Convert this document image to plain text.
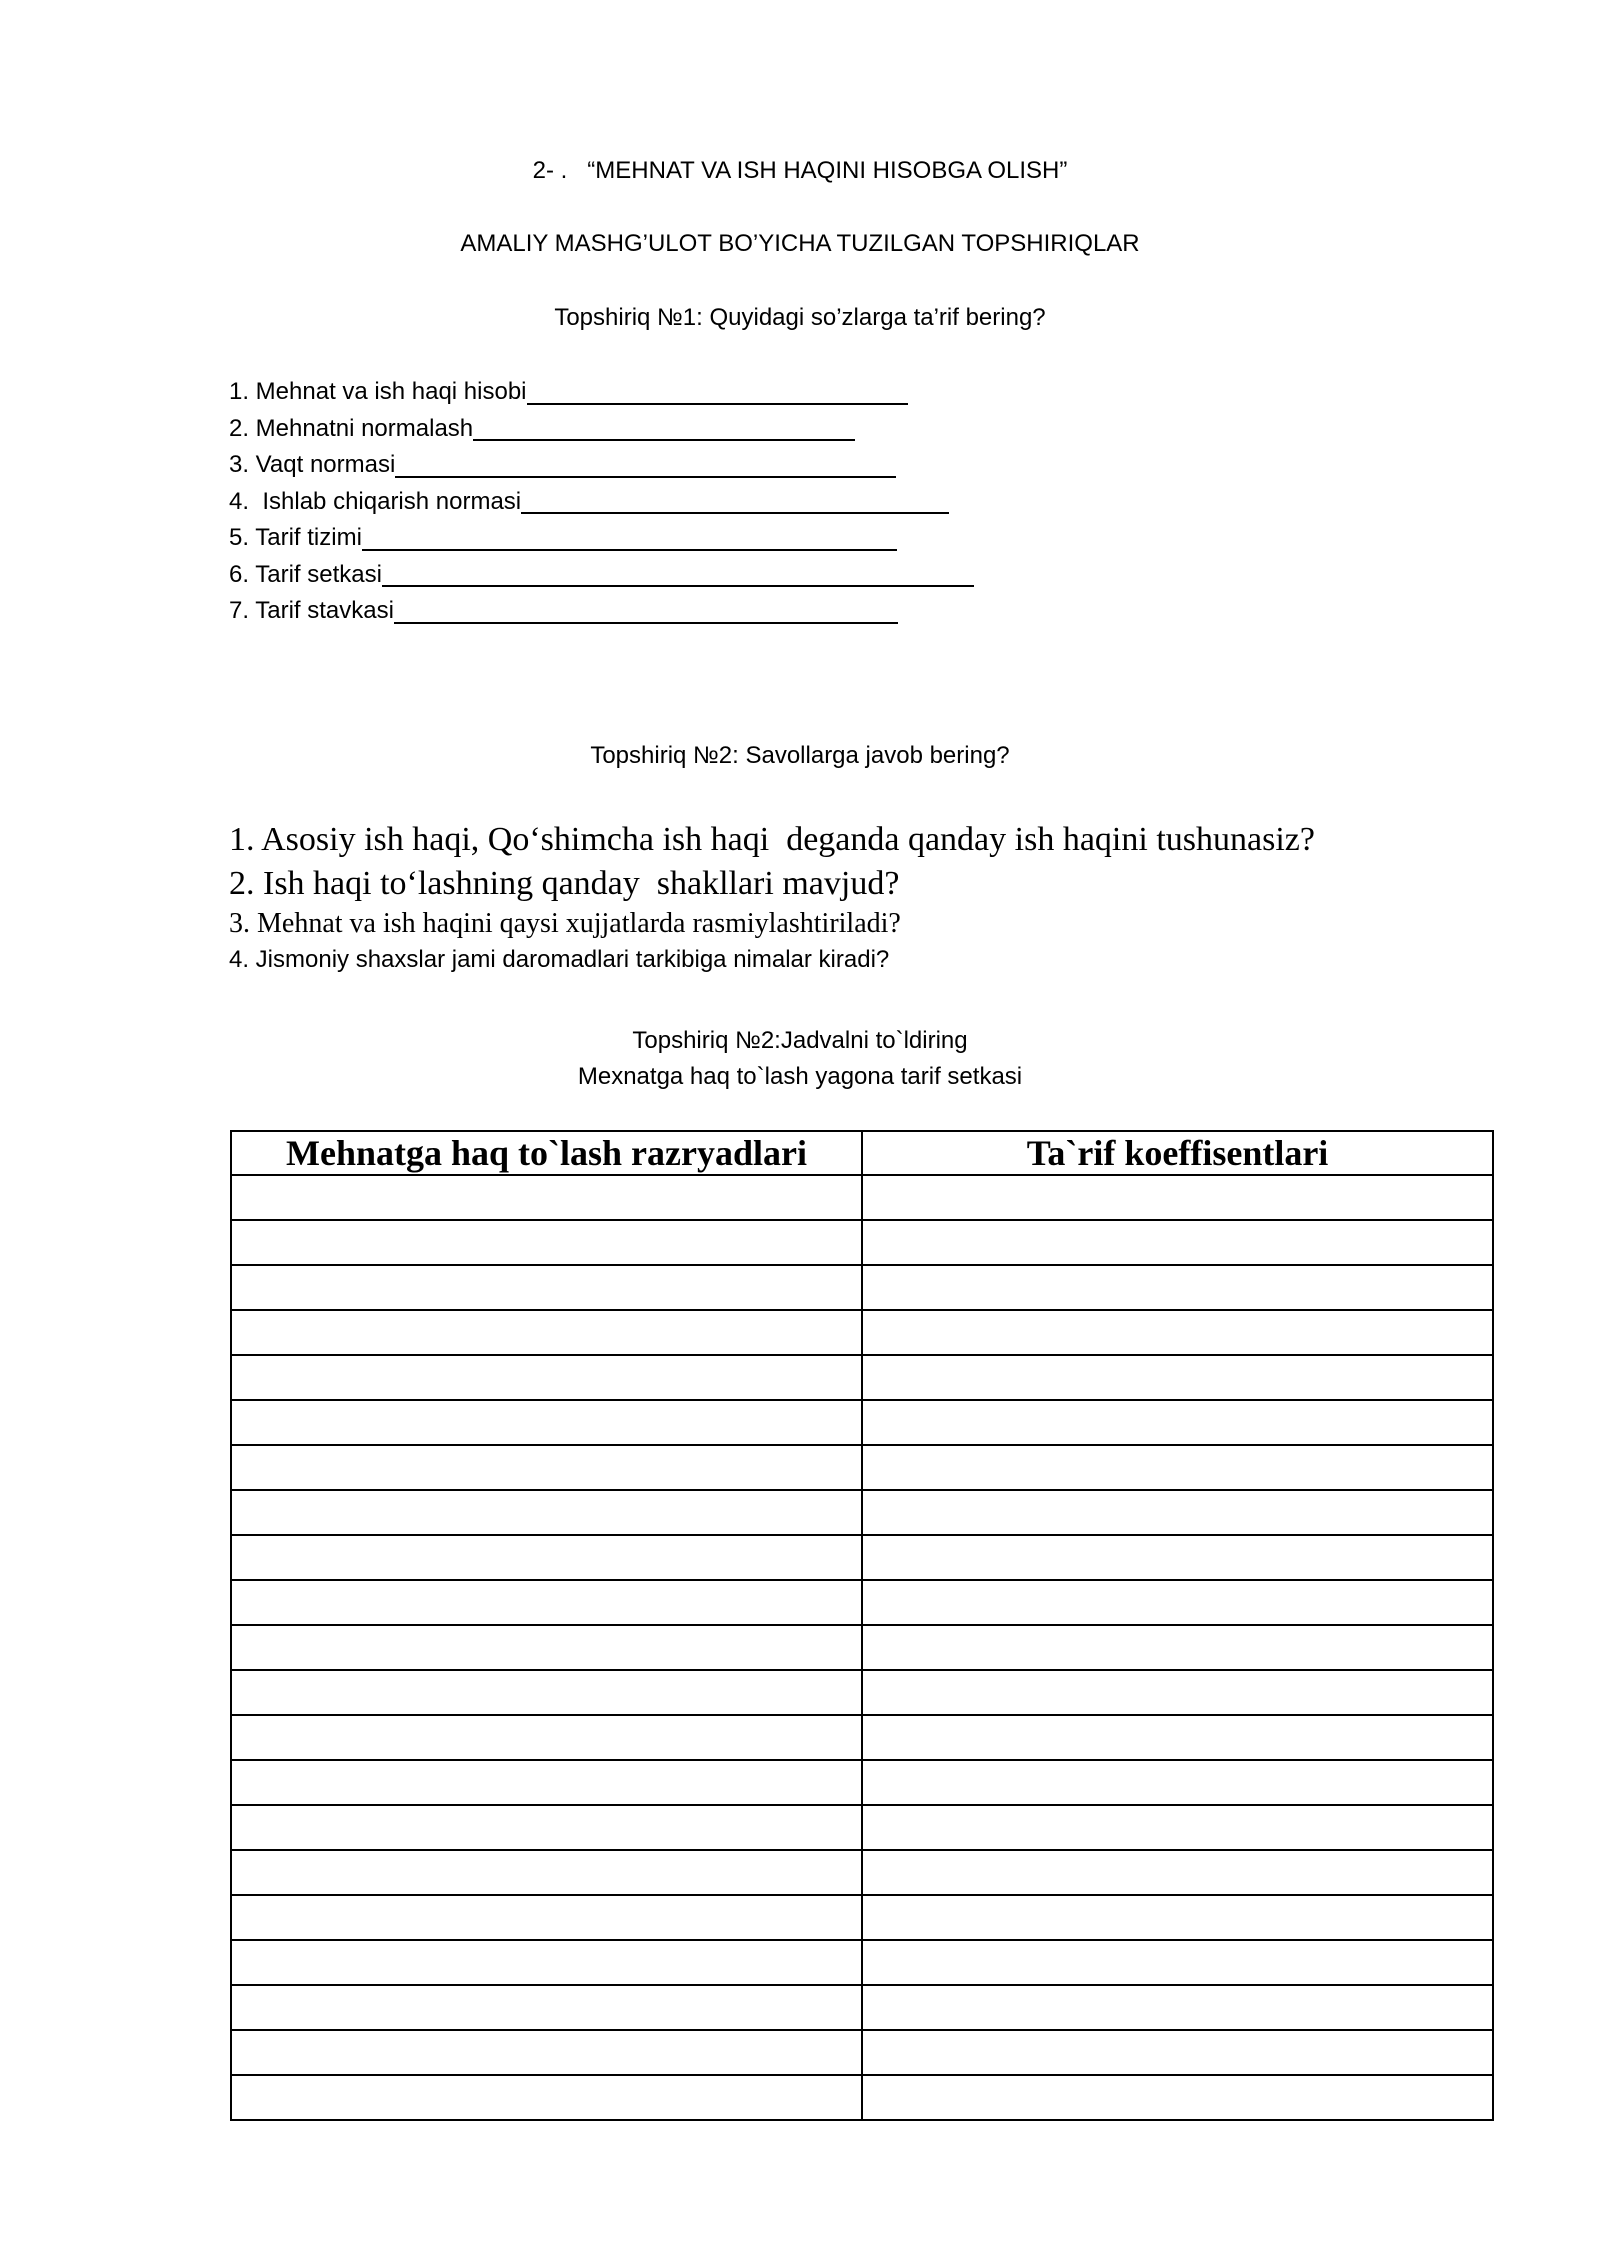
2- .   “MEHNAT VA ISH HAQINI HISOBGA OLISH”
AMALIY MASHG’ULOT BO’YICHA TUZILGAN TOPSHIRIQLAR
Topshiriq №1: Quyidagi so’zlarga ta’rif bering?
1. Mehnat va ish haqi hisobi
2. Mehnatni normalash
3. Vaqt normasi
4.  Ishlab chiqarish normasi
5. Tarif tizimi
6. Tarif setkasi
7. Tarif stavkasi
Topshiriq №2: Savollarga javob bering?
1. Asosiy ish haqi, Qo‘shimcha ish haqi  deganda qanday ish haqini tushunasiz?
2. Ish haqi to‘lashning qanday  shakllari mavjud?
3. Mehnat va ish haqini qaysi xujjatlarda rasmiylashtiriladi?
4. Jismoniy shaxslar jami daromadlari tarkibiga nimalar kiradi?
Topshiriq №2:Jadvalni to`ldiring
Mexnatga haq to`lash yagona tarif setkasi
Mehnatga haq to`lash razryadlari	Ta`rif koeffisentlari
